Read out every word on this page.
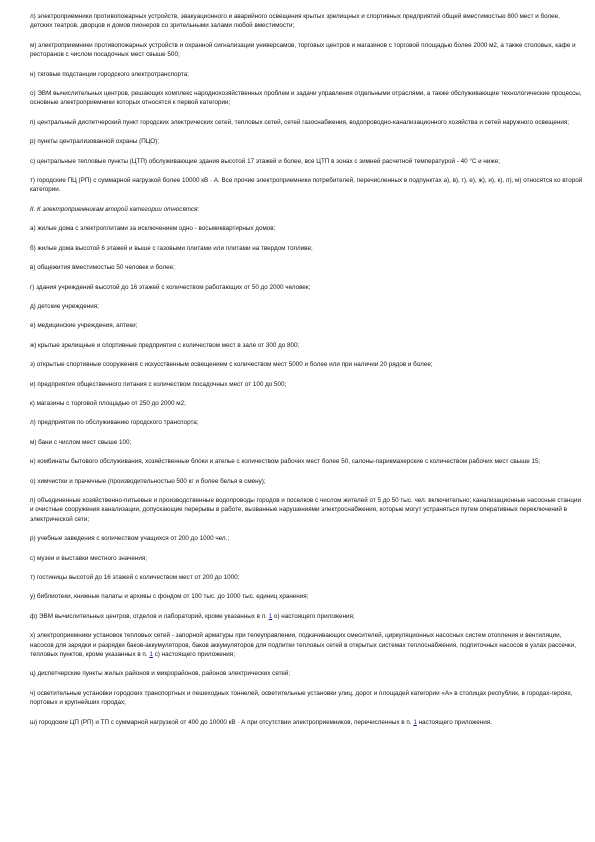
л) электроприемники противопожарных устройств, эвакуационного и аварийного освещения крытых зрелищных и спортивных предприятий общей вместимостью 800 мест и более, детских театров, дворцов и домов пионеров со зрительными залами любой вместимости;

м) электроприемники противопожарных устройств и охранной сигнализации универсамов, торговых центров и магазинов с торговой площадью более 2000 м2, а также столовых, кафе и ресторанов с числом посадочных мест свыше 500;

н) тяговые подстанции городского электротранспорта;

о) ЭВМ вычислительных центров, решающих комплекс народнохозяйственных проблем и задачи управления отдельными отраслями, а также обслуживающие технологические процессы, основные электроприемники которых относятся к первой категории;

п) центральный диспетчерский пункт городских электрических сетей, тепловых сетей, сетей газоснабжения, водопроводно-канализационного хозяйства и сетей наружного освещения;

р) пункты централизованной охраны (ПЦО);

с) центральные тепловые пункты (ЦТП) обслуживающие здания высотой 17 этажей и более, все ЦТП в зонах с зимней расчетной температурой - 40 °С и ниже;

т) городские ПЦ (РП) с суммарной нагрузкой более 10000 кВ · А. Все прочие электроприемники потребителей, перечисленных в подпунктах а), в), г), е), ж), и), к), л), м) относятся ко второй категории.

II. К электроприемникам второй категории относятся:

а) жилые дома с электроплитами за исключением одно - восьмиквартирных домов;

б) жилые дома высотой 6 этажей и выше с газовыми плитами или плитами на твердом топливе;

в) общежития вместимостью 50 человек и более;

г) здания учреждений высотой до 16 этажей с количеством работающих от 50 до 2000 человек;

д) детские учреждения;

е) медицинские учреждения, аптеки;

ж) крытые зрелищные и спортивные предприятия с количеством мест в зале от 300 до 800;

з) открытые спортивные сооружения с искусственным освещением с количеством мест 5000 и более или при наличии 20 рядов и более;

и) предприятия общественного питания с количеством посадочных мест от 100 до 500;

к) магазины с торговой площадью от 250 до 2000 м2;

л) предприятия по обслуживанию городского транспорта;

м) бани с числом мест свыше 100;

н) комбинаты бытового обслуживания, хозяйственные блоки и ателье с количеством рабочих мест более 50, салоны-парикмахерские с количеством рабочих мест свыше 15;

о) химчистки и прачечные (производительностью 500 кг и более белья в смену);

п) объединенные хозяйственно-питьевые и производственные водопроводы городов и поселков с числом жителей от 5 до 50 тыс. чел. включительно; канализационные насосные станции и очистные сооружения канализации, допускающие перерывы в работе, вызванные нарушениями электроснабжения, которые могут устраняться путем оперативных переключений в электрической сети;

р) учебные заведения с количеством учащихся от 200 до 1000 чел.;

с) музеи и выставки местного значения;

т) гостиницы высотой до 16 этажей с количеством мест от 200 до 1000;

у) библиотеки, книжные палаты и архивы с фондом от 100 тыс. до 1000 тыс. единиц хранения;

ф) ЭВМ вычислительных центров, отделов и лабораторий, кроме указанных в п. 1 о) настоящего приложения;

х) электроприемники установок тепловых сетей - запорной арматуры при телеуправлении, подкачивающих смесителей, циркуляционных насосных систем отопления и вентиляции, насосов для зарядки и разрядки баков-аккумуляторов, баков аккумуляторов для подпитки тепловых сетей в открытых системах теплоснабжения, подпиточных насосов в узлах рассечки, тепловых пунктов, кроме указанных в п. 1 с) настоящего приложения;

ц) диспетчерские пункты жилых районов и микрорайонов, районов электрических сетей;

ч) осветительные установки городских транспортных и пешеходных тоннелей, осветительные установки улиц, дорог и площадей категории «А» в столицах республик, в городах-героях, портовых и крупнейших городах;

ш) городские ЦП (РП) и ТП с суммарной нагрузкой от 400 до 10000 кВ · А при отсутствии электроприемников, перечисленных в п. 1 настоящего приложения.
